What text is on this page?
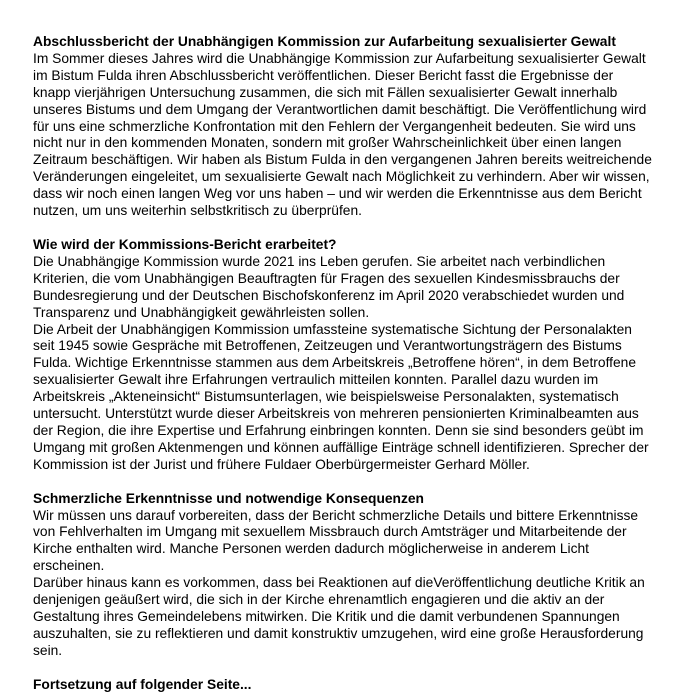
Abschlussbericht der Unabhängigen Kommission zur Aufarbeitung sexualisierter Gewalt

Im Sommer dieses Jahres wird die Unabhängige Kommission zur Aufarbeitung sexualisierter Gewalt im Bistum Fulda ihren Abschlussbericht veröffentlichen. Dieser Bericht fasst die Ergebnisse der knapp vierjährigen Untersuchung zusammen, die sich mit Fällen sexualisierter Gewalt innerhalb unseres Bistums und dem Umgang der Verantwortlichen damit beschäftigt. Die Veröffentlichung wird für uns eine schmerzliche Konfrontation mit den Fehlern der Vergangenheit bedeuten. Sie wird uns nicht nur in den kommenden Monaten, sondern mit großer Wahrscheinlichkeit über einen langen Zeitraum beschäftigen. Wir haben als Bistum Fulda in den vergangenen Jahren bereits weitreichende Veränderungen eingeleitet, um sexualisierte Gewalt nach Möglichkeit zu verhindern. Aber wir wissen, dass wir noch einen langen Weg vor uns haben – und wir werden die Erkenntnisse aus dem Bericht nutzen, um uns weiterhin selbstkritisch zu überprüfen.

Wie wird der Kommissions-Bericht erarbeitet?

Die Unabhängige Kommission wurde 2021 ins Leben gerufen. Sie arbeitet nach verbindlichen Kriterien, die vom Unabhängigen Beauftragten für Fragen des sexuellen Kindesmissbrauchs der Bundesregierung und der Deutschen Bischofskonferenz im April 2020 verabschiedet wurden und Transparenz und Unabhängigkeit gewährleisten sollen.

Die Arbeit der Unabhängigen Kommission umfassteine systematische Sichtung der Personalakten seit 1945 sowie Gespräche mit Betroffenen, Zeitzeugen und Verantwortungsträgern des Bistums Fulda. Wichtige Erkenntnisse stammen aus dem Arbeitskreis „Betroffene hören“, in dem Betroffene sexualisierter Gewalt ihre Erfahrungen vertraulich mitteilen konnten. Parallel dazu wurden im Arbeitskreis „Akteneinsicht“ Bistumsunterlagen, wie beispielsweise Personalakten, systematisch untersucht. Unterstützt wurde dieser Arbeitskreis von mehreren pensionierten Kriminalbeamten aus der Region, die ihre Expertise und Erfahrung einbringen konnten. Denn sie sind besonders geübt im Umgang mit großen Aktenmengen und können auffällige Einträge schnell identifizieren. Sprecher der Kommission ist der Jurist und frühere Fuldaer Oberbürgermeister Gerhard Möller.

Schmerzliche Erkenntnisse und notwendige Konsequenzen

Wir müssen uns darauf vorbereiten, dass der Bericht schmerzliche Details und bittere Erkenntnisse von Fehlverhalten im Umgang mit sexuellem Missbrauch durch Amtsträger und Mitarbeitende der Kirche enthalten wird. Manche Personen werden dadurch möglicherweise in anderem Licht erscheinen.

Darüber hinaus kann es vorkommen, dass bei Reaktionen auf dieVeröffentlichung deutliche Kritik an denjenigen geäußert wird, die sich in der Kirche ehrenamtlich engagieren und die aktiv an der Gestaltung ihres Gemeindelebens mitwirken. Die Kritik und die damit verbundenen Spannungen auszuhalten, sie zu reflektieren und damit konstruktiv umzugehen, wird eine große Herausforderung sein.

Fortsetzung auf folgender Seite...
